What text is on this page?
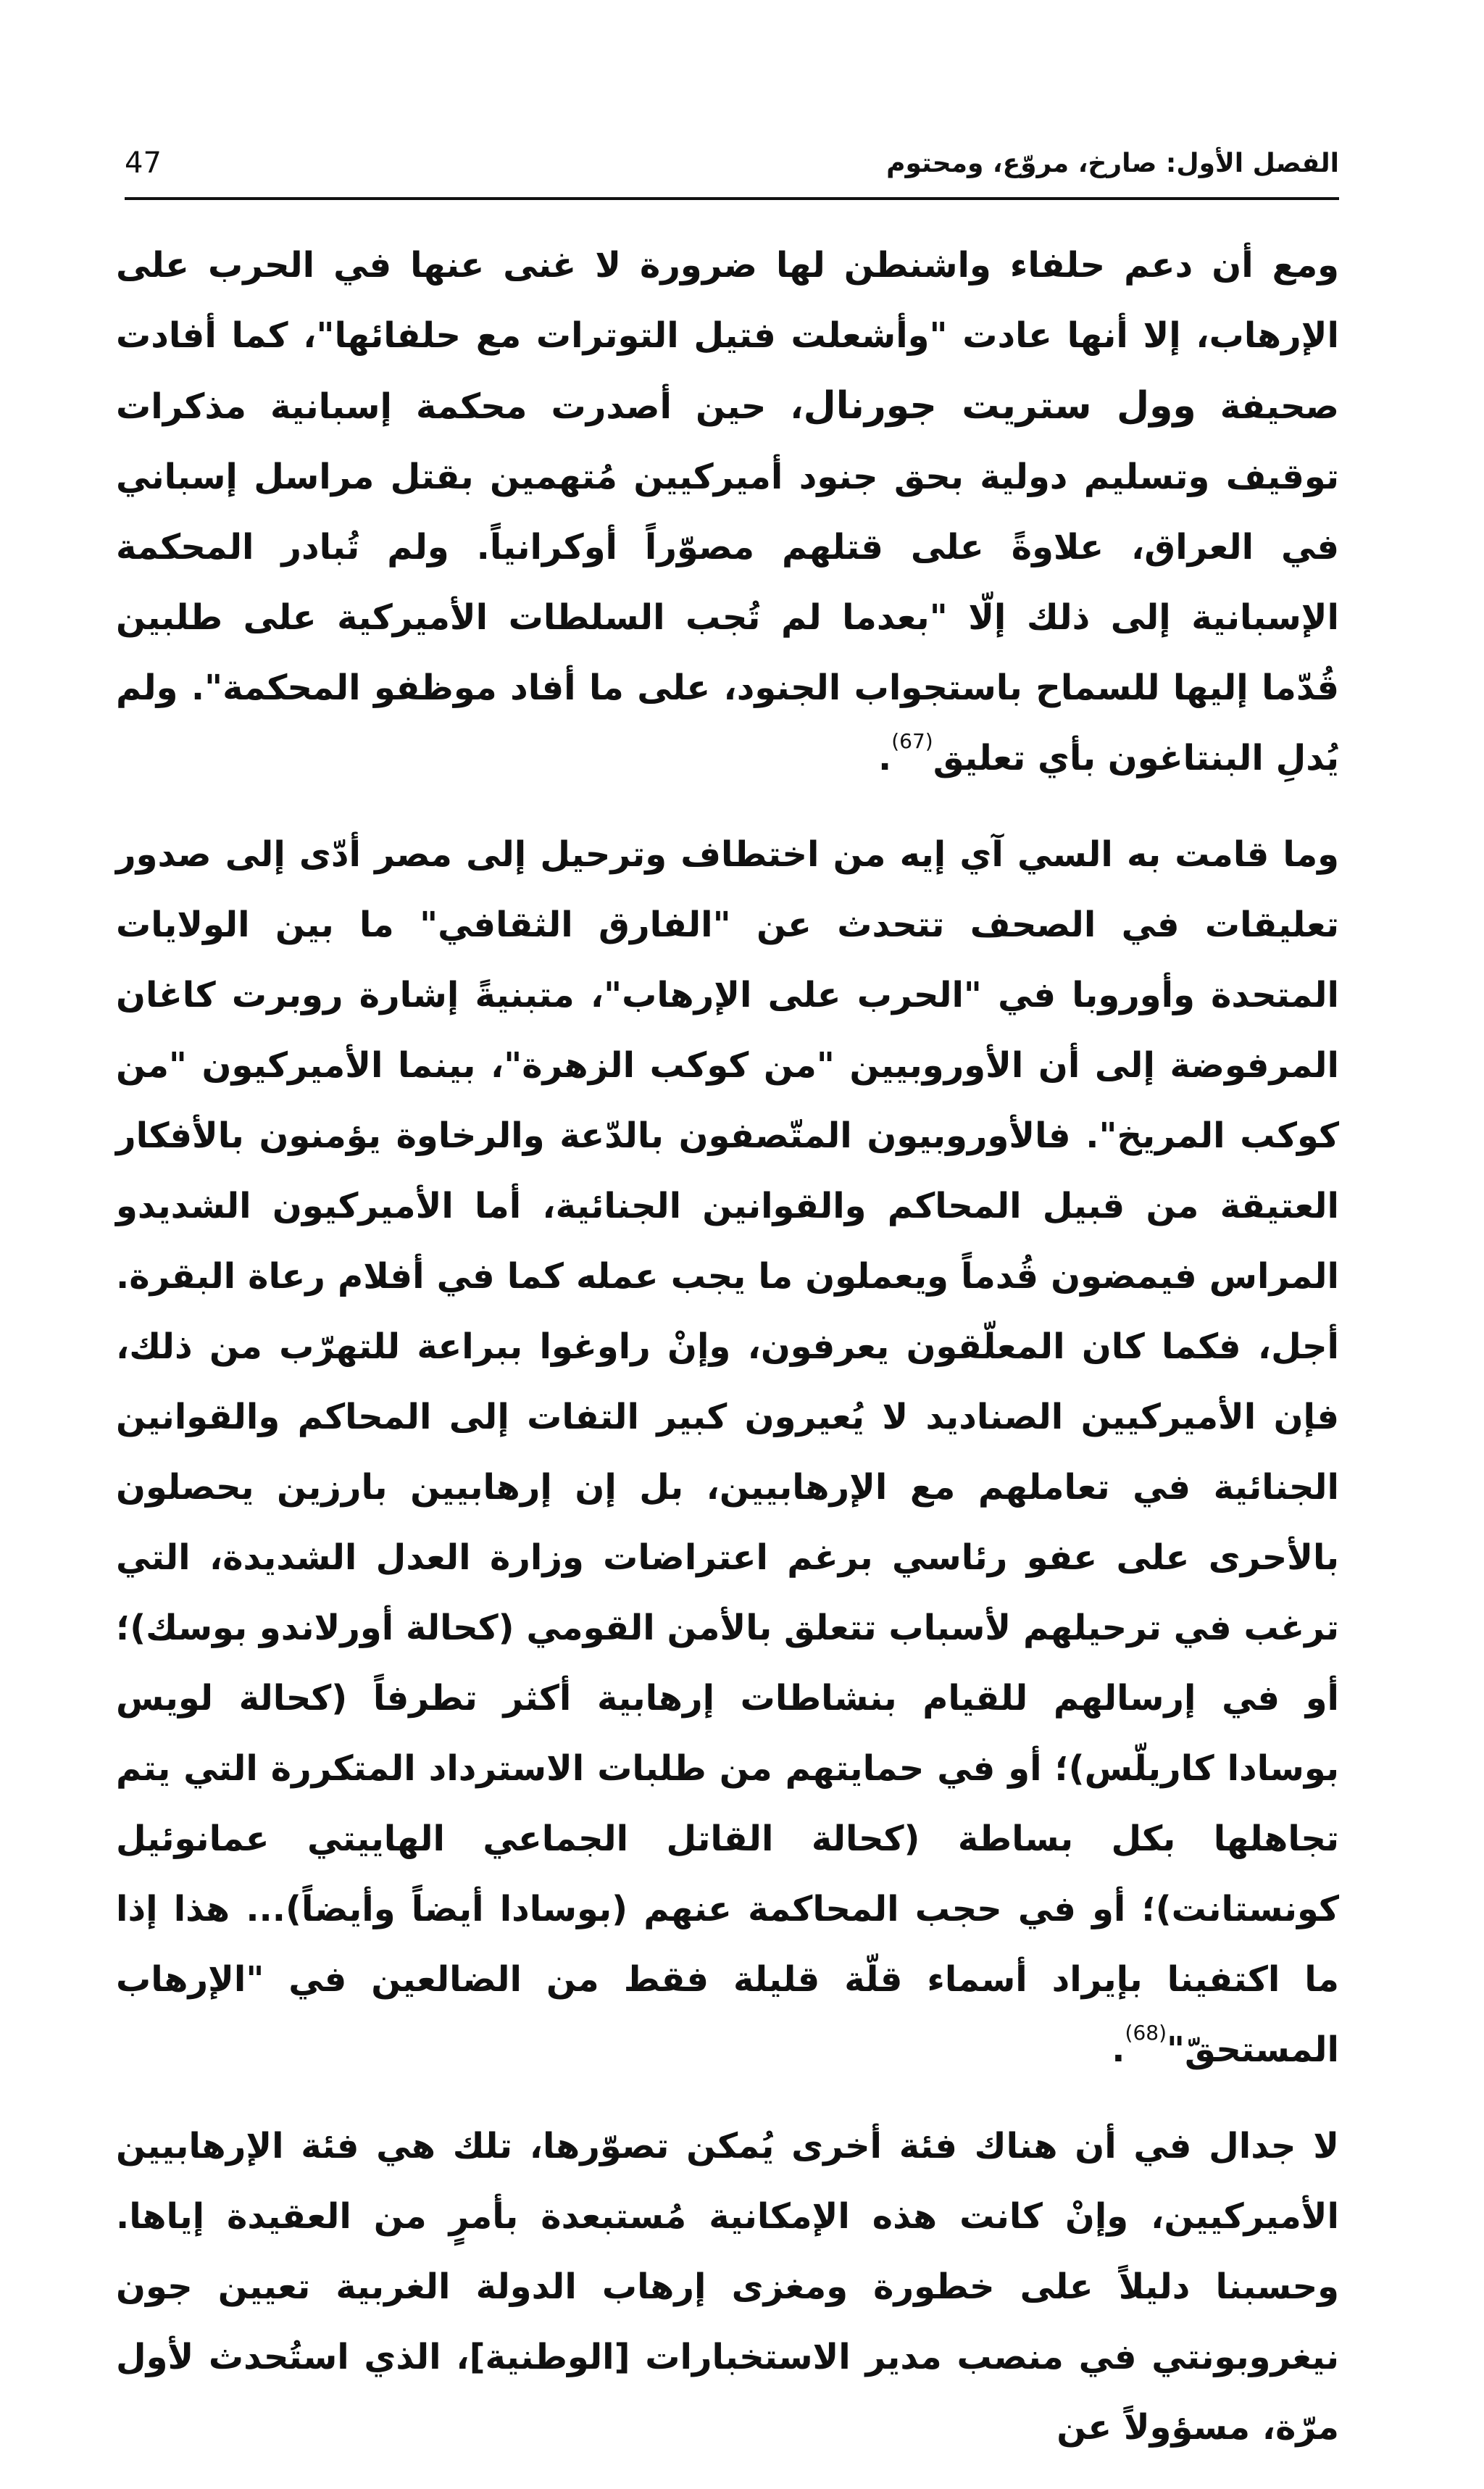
الفصل الأول: صارخ، مروّع، ومحتوم
47

ومع أن دعم حلفاء واشنطن لها ضرورة لا غنى عنها في الحرب على الإرهاب، إلا أنها عادت "وأشعلت فتيل التوترات مع حلفائها"، كما أفادت صحيفة وول ستريت جورنال، حين أصدرت محكمة إسبانية مذكرات توقيف وتسليم دولية بحق جنود أميركيين مُتهمين بقتل مراسل إسباني في العراق، علاوةً على قتلهم مصوّراً أوكرانياً. ولم تُبادر المحكمة الإسبانية إلى ذلك إلّا "بعدما لم تُجب السلطات الأميركية على طلبين قُدّما إليها للسماح باستجواب الجنود، على ما أفاد موظفو المحكمة". ولم يُدلِ البنتاغون بأي تعليق$^{(67)}$.

وما قامت به السي آي إيه من اختطاف وترحيل إلى مصر أدّى إلى صدور تعليقات في الصحف تتحدث عن "الفارق الثقافي" ما بين الولايات المتحدة وأوروبا في "الحرب على الإرهاب"، متبنيةً إشارة روبرت كاغان المرفوضة إلى أن الأوروبيين "من كوكب الزهرة"، بينما الأميركيون "من كوكب المريخ". فالأوروبيون المتّصفون بالدّعة والرخاوة يؤمنون بالأفكار العتيقة من قبيل المحاكم والقوانين الجنائية، أما الأميركيون الشديدو المراس فيمضون قُدماً ويعملون ما يجب عمله كما في أفلام رعاة البقرة. أجل، فكما كان المعلّقون يعرفون، وإنْ راوغوا ببراعة للتهرّب من ذلك، فإن الأميركيين الصناديد لا يُعيرون كبير التفات إلى المحاكم والقوانين الجنائية في تعاملهم مع الإرهابيين، بل إن إرهابيين بارزين يحصلون بالأحرى على عفو رئاسي برغم اعتراضات وزارة العدل الشديدة، التي ترغب في ترحيلهم لأسباب تتعلق بالأمن القومي (كحالة أورلاندو بوسك)؛ أو في إرسالهم للقيام بنشاطات إرهابية أكثر تطرفاً (كحالة لويس بوسادا كاريلّس)؛ أو في حمايتهم من طلبات الاسترداد المتكررة التي يتم تجاهلها بكل بساطة (كحالة القاتل الجماعي الهاييتي عمانوئيل كونستانت)؛ أو في حجب المحاكمة عنهم (بوسادا أيضاً وأيضاً)... هذا إذا ما اكتفينا بإيراد أسماء قلّة قليلة فقط من الضالعين في "الإرهاب المستحقّ"$^{(68)}$.

لا جدال في أن هناك فئة أخرى يُمكن تصوّرها، تلك هي فئة الإرهابيين الأميركيين، وإنْ كانت هذه الإمكانية مُستبعدة بأمرٍ من العقيدة إياها. وحسبنا دليلاً على خطورة ومغزى إرهاب الدولة الغربية تعيين جون نيغروبونتي في منصب مدير الاستخبارات [الوطنية]، الذي استُحدث لأول مرّة، مسؤولاً عن
